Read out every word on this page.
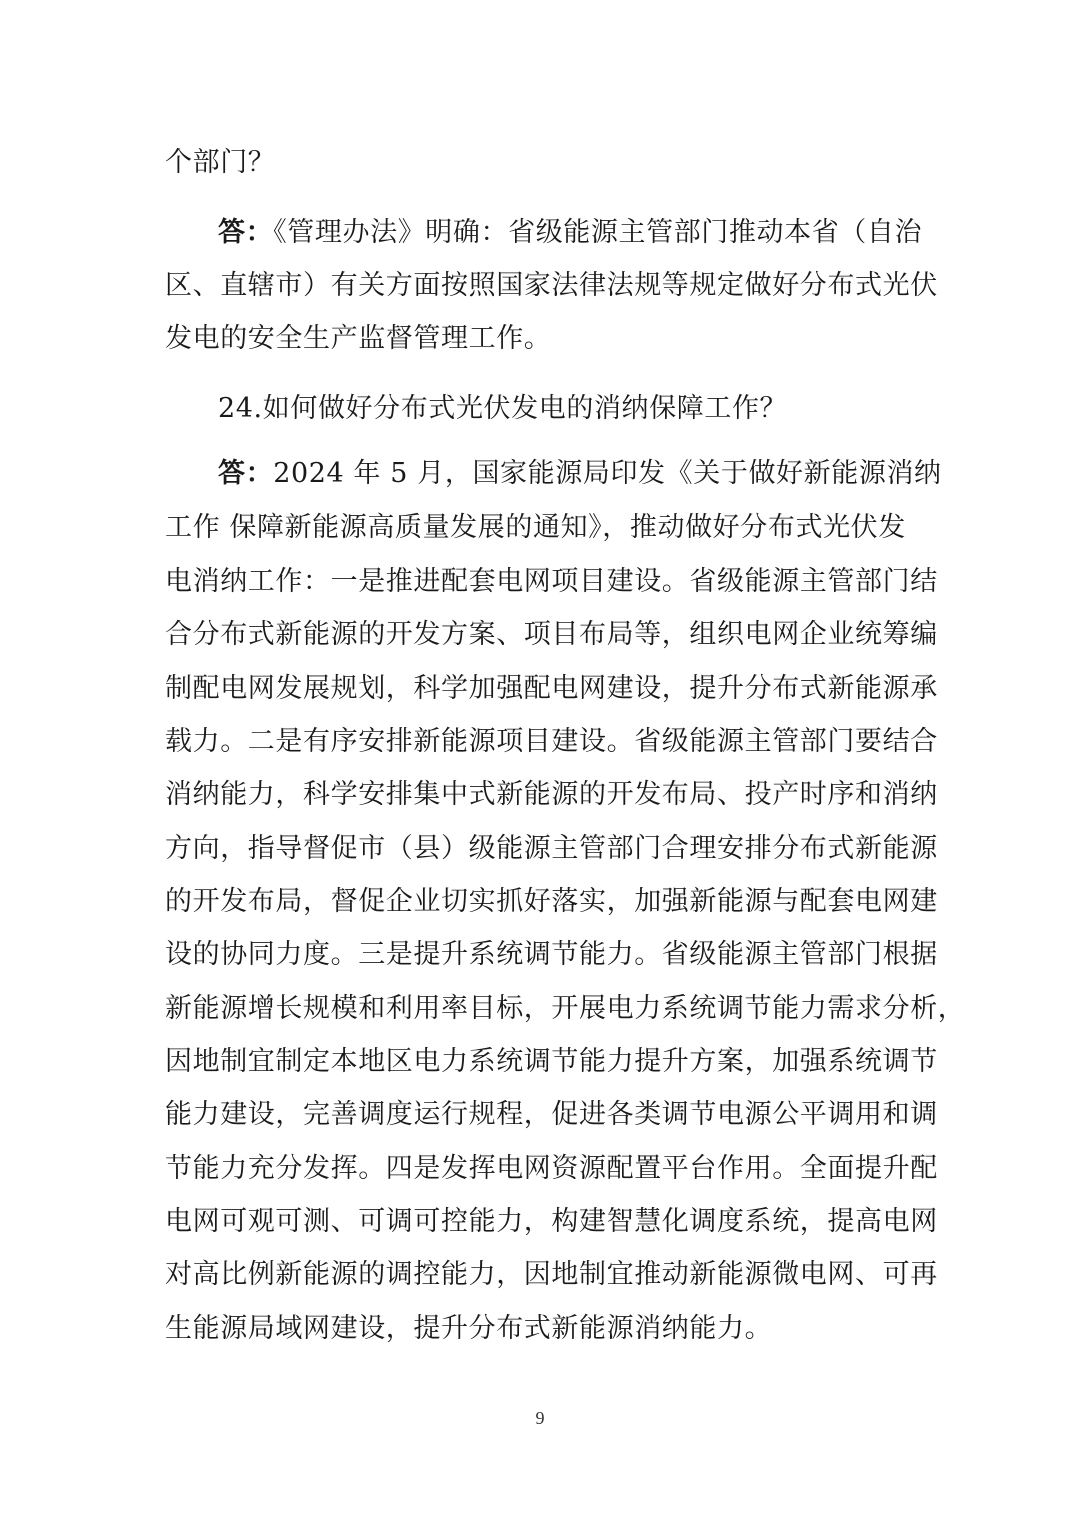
个部门？
答：《管理办法》明确：省级能源主管部门推动本省（自治
区、直辖市）有关方面按照国家法律法规等规定做好分布式光伏
发电的安全生产监督管理工作。
24.如何做好分布式光伏发电的消纳保障工作？
答：2024 年 5 月，国家能源局印发《关于做好新能源消纳
工作 保障新能源高质量发展的通知》，推动做好分布式光伏发
电消纳工作：一是推进配套电网项目建设。省级能源主管部门结
合分布式新能源的开发方案、项目布局等，组织电网企业统筹编
制配电网发展规划，科学加强配电网建设，提升分布式新能源承
载力。二是有序安排新能源项目建设。省级能源主管部门要结合
消纳能力，科学安排集中式新能源的开发布局、投产时序和消纳
方向，指导督促市（县）级能源主管部门合理安排分布式新能源
的开发布局，督促企业切实抓好落实，加强新能源与配套电网建
设的协同力度。三是提升系统调节能力。省级能源主管部门根据
新能源增长规模和利用率目标，开展电力系统调节能力需求分析，
因地制宜制定本地区电力系统调节能力提升方案，加强系统调节
能力建设，完善调度运行规程，促进各类调节电源公平调用和调
节能力充分发挥。四是发挥电网资源配置平台作用。全面提升配
电网可观可测、可调可控能力，构建智慧化调度系统，提高电网
对高比例新能源的调控能力，因地制宜推动新能源微电网、可再
生能源局域网建设，提升分布式新能源消纳能力。
9
